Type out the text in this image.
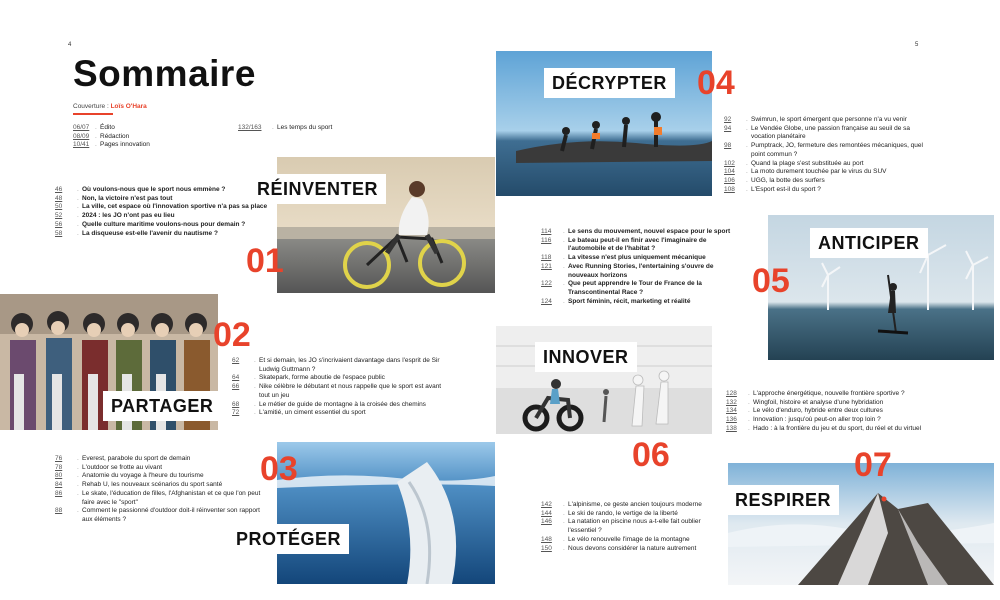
4	5
Sommaire
Couverture : Loïs O'Hara
06/07 . Édito
08/09 . Rédaction
10/41 . Pages innovation
132/163	. Les temps du sport
RÉINVENTER
01
46	. Où voulons-nous que le sport nous emmène ?
48	. Non, la victoire n'est pas tout
50	. La ville, cet espace où l'innovation sportive n'a pas sa place
52	. 2024 : les JO n'ont pas eu lieu
56	. Quelle culture maritime voulons-nous pour demain ?
58	. La disqueuse est-elle l'avenir du nautisme ?
PARTAGER
02
62	. Et si demain, les JO s'incrivaient davantage dans l'esprit de Sir Ludwig Guttmann ?
64	. Skatepark, forme aboutie de l'espace public
66	. Nike célèbre le débutant et nous rappelle que le sport est avant tout un jeu
68	. Le métier de guide de montagne à la croisée des chemins
72	. L'amitié, un ciment essentiel du sport
PROTÉGER
03
76	. Everest, parabole du sport de demain
78	. L'outdoor se frotte au vivant
80	. Anatomie du voyage à l'heure du tourisme
84	. Rehab U, les nouveaux scénarios du sport santé
86	. Le skate, l'éducation de filles, l'Afghanistan et ce que l'on peut faire avec le "sport"
88	. Comment le passionné d'outdoor doit-il réinventer son rapport aux éléments ?
DÉCRYPTER 04
92	. Swimrun, le sport émergent que personne n'a vu venir
94	. Le Vendée Globe, une passion française au seuil de sa vocation planétaire
98	. Pumptrack, JO, fermeture des remontées mécaniques, quel point commun ?
102	. Quand la plage s'est substituée au port
104	. La moto durement touchée par le virus du SUV
106	. UGG, la botte des surfers
108	. L'Esport est-il du sport ?
ANTICIPER
05
114	. Le sens du mouvement, nouvel espace pour le sport
116	. Le bateau peut-il en finir avec l'imaginaire de l'automobile et de l'habitat ?
118	. La vitesse n'est plus uniquement mécanique
121	. Avec Running Stories, l'entertaining s'ouvre de nouveaux horizons
122	. Que peut apprendre le Tour de France de la Transcontinental Race ?
124	. Sport féminin, récit, marketing et réalité
INNOVER
06
128	. L'approche énergétique, nouvelle frontière sportive ?
132	. Wingfoil, histoire et analyse d'une hybridation
134	. Le vélo d'enduro, hybride entre deux cultures
136	. Innovation : jusqu'où peut-on aller trop loin ?
138	. Hado : à la frontière du jeu et du sport, du réel et du virtuel
RESPIRER
07
142	. L'alpinisme, ce geste ancien toujours moderne
144	. Le ski de rando, le vertige de la liberté
146	. La natation en piscine nous a-t-elle fait oublier l'essentiel ?
148	. Le vélo renouvelle l'image de la montagne
150	. Nous devons considérer la nature autrement
